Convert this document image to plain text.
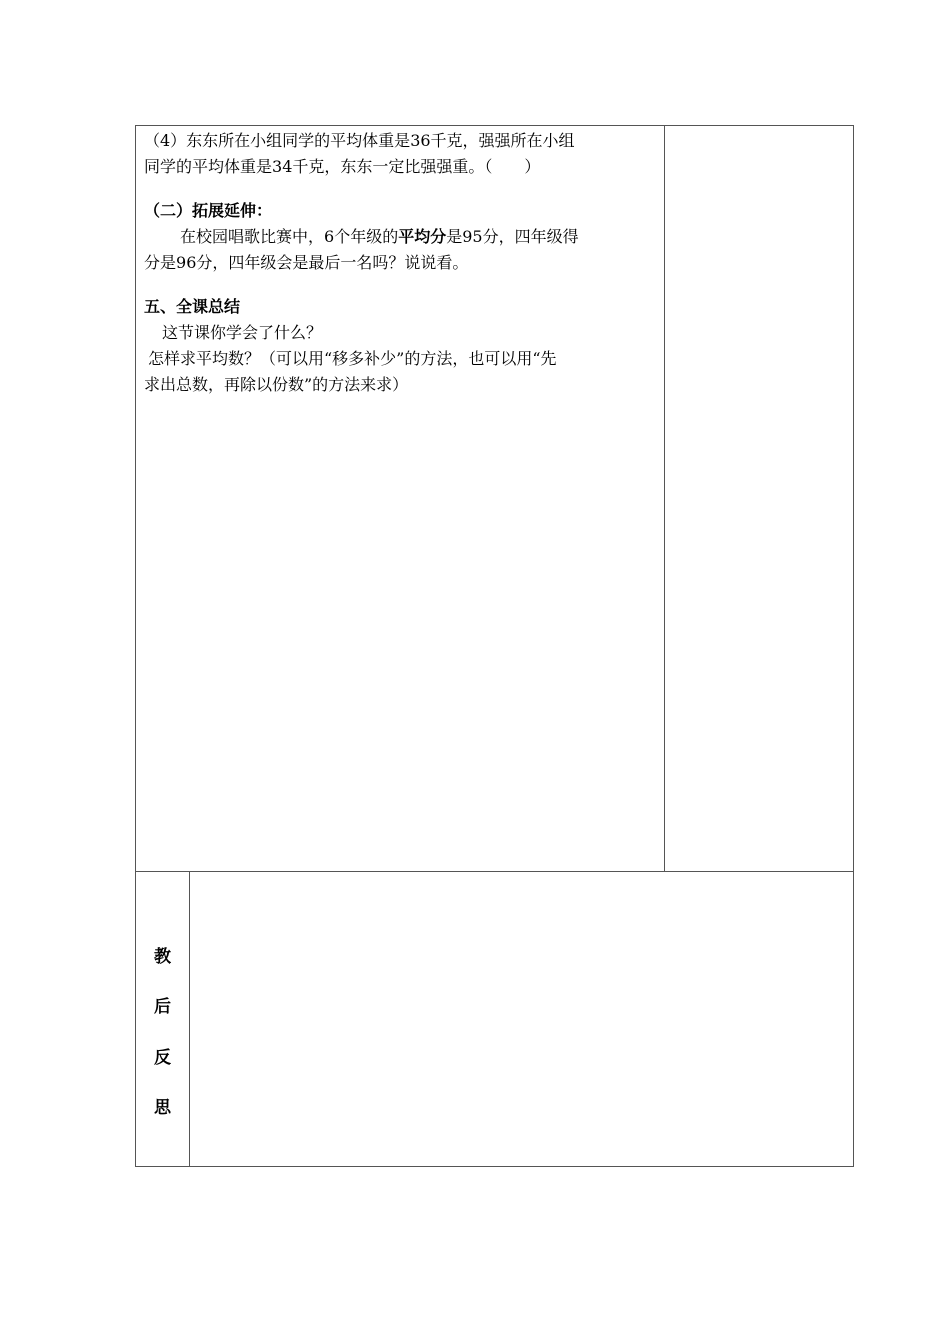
（4）东东所在小组同学的平均体重是36千克，强强所在小组
同学的平均体重是34千克，东东一定比强强重。（　　）
（二）拓展延伸：
在校园唱歌比赛中，6个年级的平均分是95分，四年级得
分是96分，四年级会是最后一名吗？说说看。
五、全课总结
这节课你学会了什么？
怎样求平均数？（可以用“移多补少”的方法，也可以用“先
求出总数，再除以份数”的方法来求）
教
后
反
思
